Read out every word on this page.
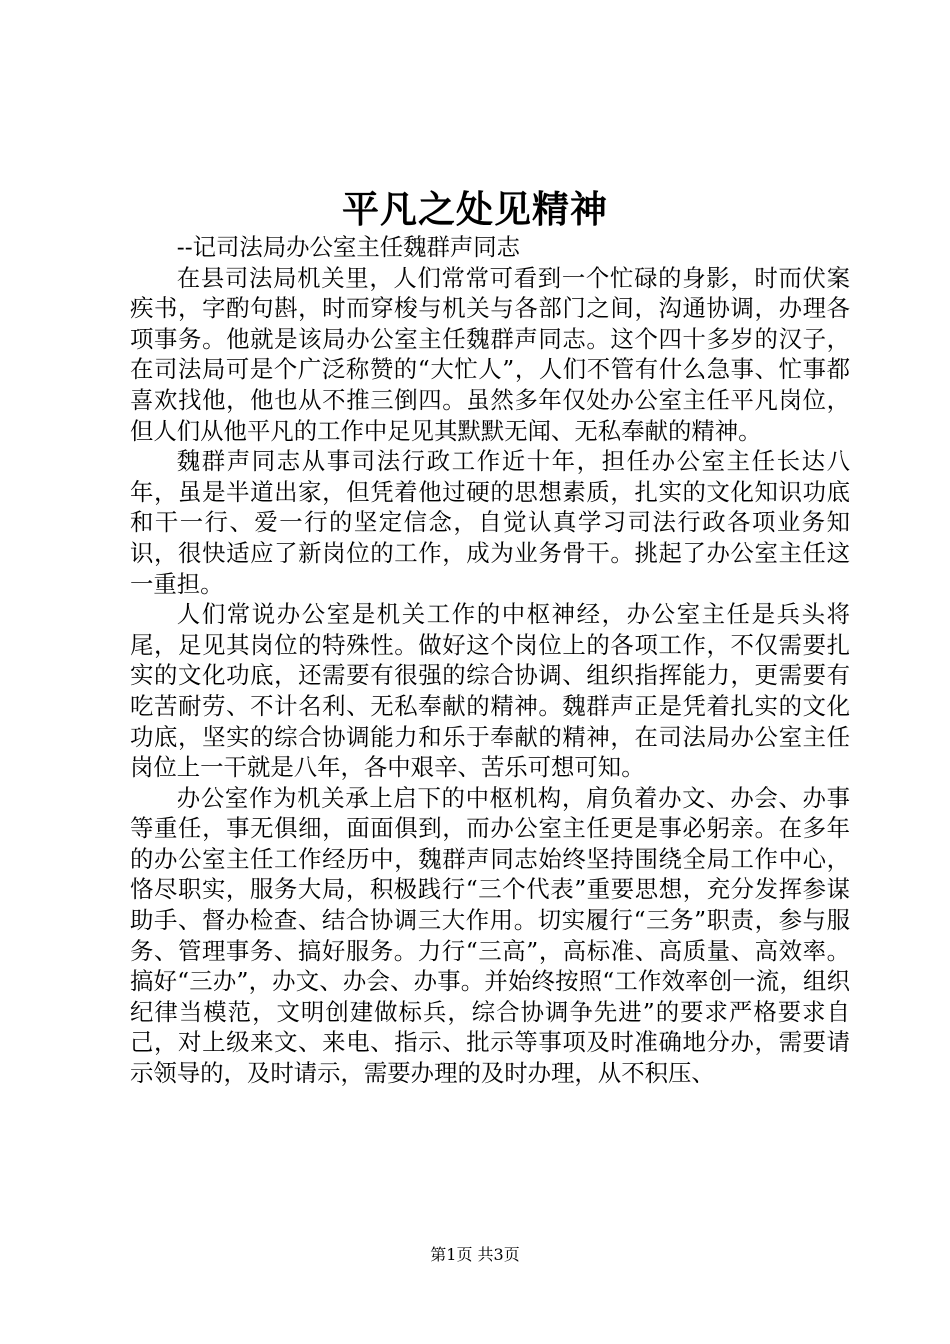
平凡之处见精神

--记司法局办公室主任魏群声同志

在县司法局机关里，人们常常可看到一个忙碌的身影，时而伏案疾书，字酌句斟，时而穿梭与机关与各部门之间，沟通协调，办理各项事务。他就是该局办公室主任魏群声同志。这个四十多岁的汉子，在司法局可是个广泛称赞的“大忙人”，人们不管有什么急事、忙事都喜欢找他，他也从不推三倒四。虽然多年仅处办公室主任平凡岗位，但人们从他平凡的工作中足见其默默无闻、无私奉献的精神。

魏群声同志从事司法行政工作近十年，担任办公室主任长达八年，虽是半道出家，但凭着他过硬的思想素质，扎实的文化知识功底和干一行、爱一行的坚定信念，自觉认真学习司法行政各项业务知识，很快适应了新岗位的工作，成为业务骨干。挑起了办公室主任这一重担。

人们常说办公室是机关工作的中枢神经，办公室主任是兵头将尾，足见其岗位的特殊性。做好这个岗位上的各项工作，不仅需要扎实的文化功底，还需要有很强的综合协调、组织指挥能力，更需要有吃苦耐劳、不计名利、无私奉献的精神。魏群声正是凭着扎实的文化功底，坚实的综合协调能力和乐于奉献的精神，在司法局办公室主任岗位上一干就是八年，各中艰辛、苦乐可想可知。

办公室作为机关承上启下的中枢机构，肩负着办文、办会、办事等重任，事无俱细，面面俱到，而办公室主任更是事必躬亲。在多年的办公室主任工作经历中，魏群声同志始终坚持围绕全局工作中心，恪尽职实，服务大局，积极践行“三个代表”重要思想，充分发挥参谋助手、督办检查、结合协调三大作用。切实履行“三务”职责，参与服务、管理事务、搞好服务。力行“三高”，高标准、高质量、高效率。搞好“三办”，办文、办会、办事。并始终按照“工作效率创一流，组织纪律当模范，文明创建做标兵，综合协调争先进”的要求严格要求自己，对上级来文、来电、指示、批示等事项及时准确地分办，需要请示领导的，及时请示，需要办理的及时办理，从不积压、

第1页 共3页
